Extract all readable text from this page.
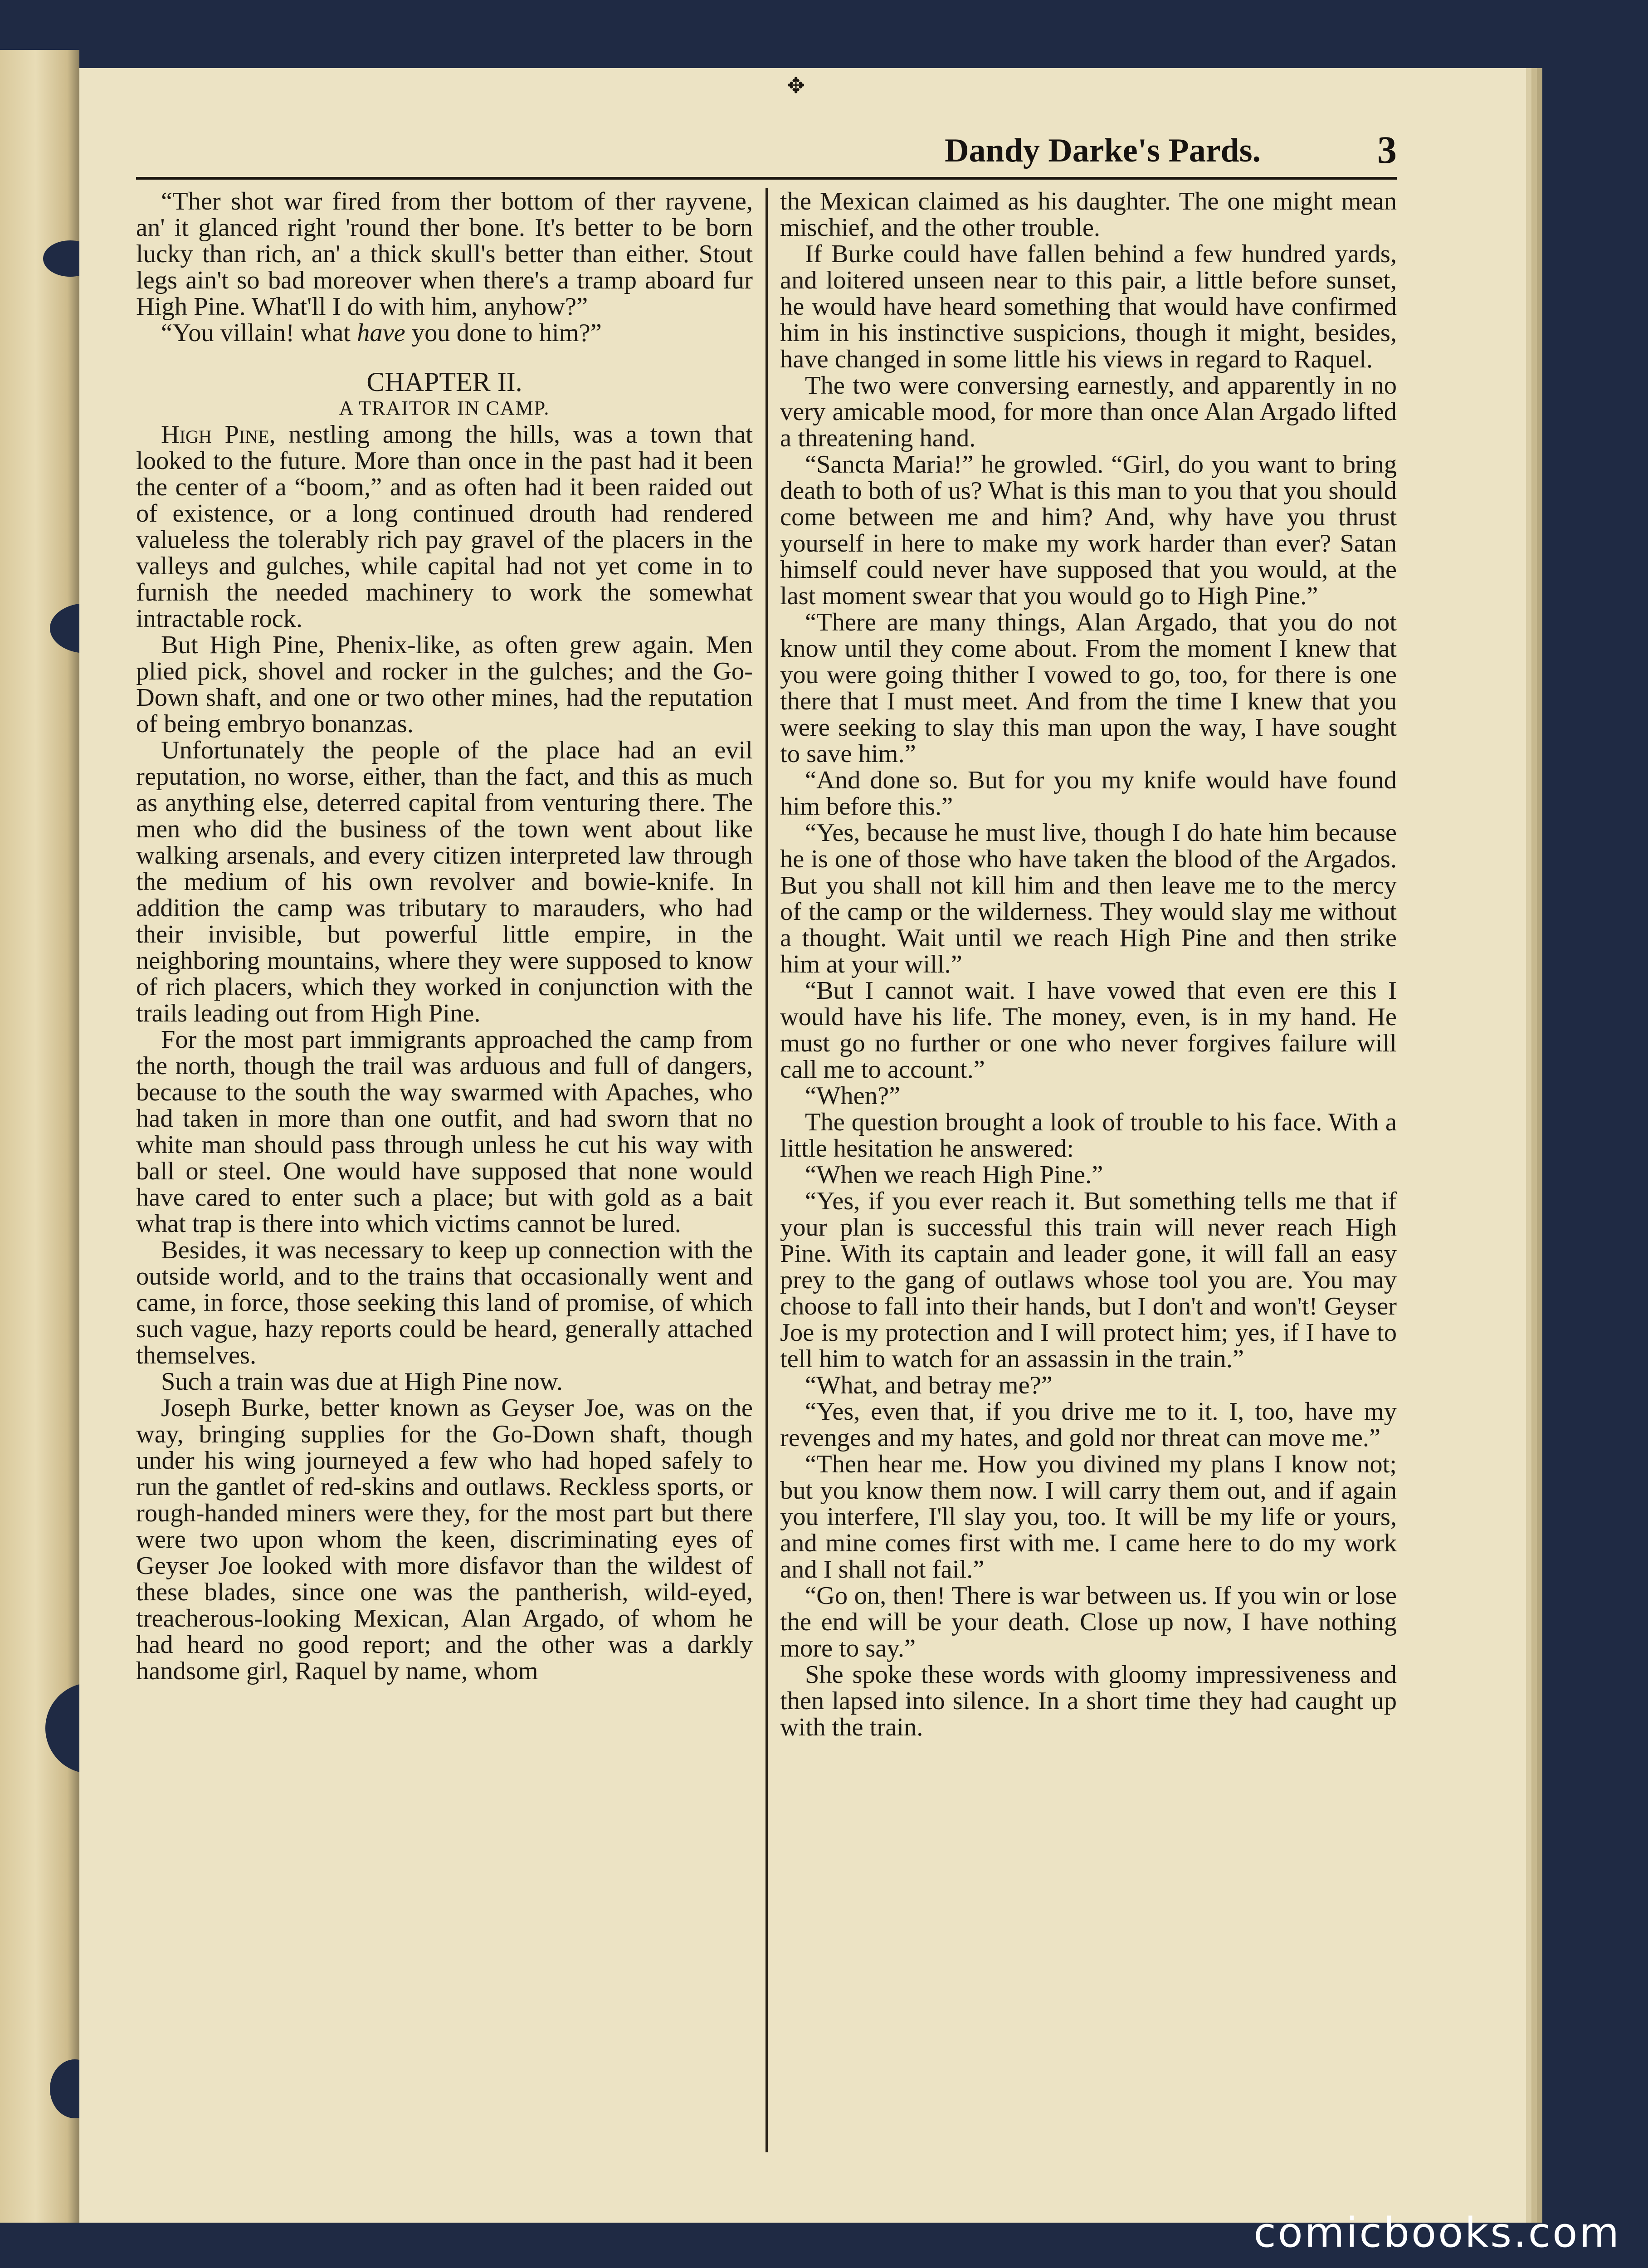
✥
Dandy Darke's Pards.	3

“Ther shot war fired from ther bottom of ther rayvene, an' it glanced right 'round ther bone. It's better to be born lucky than rich, an' a thick skull's better than either. Stout legs ain't so bad moreover when there's a tramp aboard fur High Pine. What'll I do with him, anyhow?”

“You villain! what have you done to him?”

CHAPTER II.

A TRAITOR IN CAMP.

High Pine, nestling among the hills, was a town that looked to the future. More than once in the past had it been the center of a “boom,” and as often had it been raided out of existence, or a long continued drouth had rendered valueless the tolerably rich pay gravel of the placers in the valleys and gulches, while capital had not yet come in to furnish the needed machinery to work the somewhat intractable rock.

But High Pine, Phenix-like, as often grew again. Men plied pick, shovel and rocker in the gulches; and the Go-Down shaft, and one or two other mines, had the reputation of being embryo bonanzas.

Unfortunately the people of the place had an evil reputation, no worse, either, than the fact, and this as much as anything else, deterred capital from venturing there. The men who did the business of the town went about like walking arsenals, and every citizen interpreted law through the medium of his own revolver and bowie-knife. In addition the camp was tributary to marauders, who had their invisible, but powerful little empire, in the neighboring mountains, where they were supposed to know of rich placers, which they worked in conjunction with the trails leading out from High Pine.

For the most part immigrants approached the camp from the north, though the trail was arduous and full of dangers, because to the south the way swarmed with Apaches, who had taken in more than one outfit, and had sworn that no white man should pass through unless he cut his way with ball or steel. One would have supposed that none would have cared to enter such a place; but with gold as a bait what trap is there into which victims cannot be lured.

Besides, it was necessary to keep up connection with the outside world, and to the trains that occasionally went and came, in force, those seeking this land of promise, of which such vague, hazy reports could be heard, generally attached themselves.

Such a train was due at High Pine now.

Joseph Burke, better known as Geyser Joe, was on the way, bringing supplies for the Go-Down shaft, though under his wing journeyed a few who had hoped safely to run the gantlet of red-skins and outlaws. Reckless sports, or rough-handed miners were they, for the most part but there were two upon whom the keen, discriminating eyes of Geyser Joe looked with more disfavor than the wildest of these blades, since one was the pantherish, wild-eyed, treacherous-looking Mexican, Alan Argado, of whom he had heard no good report; and the other was a darkly handsome girl, Raquel by name, whom

the Mexican claimed as his daughter. The one might mean mischief, and the other trouble.

If Burke could have fallen behind a few hundred yards, and loitered unseen near to this pair, a little before sunset, he would have heard something that would have confirmed him in his instinctive suspicions, though it might, besides, have changed in some little his views in regard to Raquel.

The two were conversing earnestly, and apparently in no very amicable mood, for more than once Alan Argado lifted a threatening hand.

“Sancta Maria!” he growled. “Girl, do you want to bring death to both of us? What is this man to you that you should come between me and him? And, why have you thrust yourself in here to make my work harder than ever? Satan himself could never have supposed that you would, at the last moment swear that you would go to High Pine.”

“There are many things, Alan Argado, that you do not know until they come about. From the moment I knew that you were going thither I vowed to go, too, for there is one there that I must meet. And from the time I knew that you were seeking to slay this man upon the way, I have sought to save him.”

“And done so. But for you my knife would have found him before this.”

“Yes, because he must live, though I do hate him because he is one of those who have taken the blood of the Argados. But you shall not kill him and then leave me to the mercy of the camp or the wilderness. They would slay me without a thought. Wait until we reach High Pine and then strike him at your will.”

“But I cannot wait. I have vowed that even ere this I would have his life. The money, even, is in my hand. He must go no further or one who never forgives failure will call me to account.”

“When?”

The question brought a look of trouble to his face. With a little hesitation he answered:

“When we reach High Pine.”

“Yes, if you ever reach it. But something tells me that if your plan is successful this train will never reach High Pine. With its captain and leader gone, it will fall an easy prey to the gang of outlaws whose tool you are. You may choose to fall into their hands, but I don't and won't! Geyser Joe is my protection and I will protect him; yes, if I have to tell him to watch for an assassin in the train.”

“What, and betray me?”

“Yes, even that, if you drive me to it. I, too, have my revenges and my hates, and gold nor threat can move me.”

“Then hear me. How you divined my plans I know not; but you know them now. I will carry them out, and if again you interfere, I'll slay you, too. It will be my life or yours, and mine comes first with me. I came here to do my work and I shall not fail.”

“Go on, then! There is war between us. If you win or lose the end will be your death. Close up now, I have nothing more to say.”

She spoke these words with gloomy impressiveness and then lapsed into silence. In a short time they had caught up with the train.

comicbooks.com
